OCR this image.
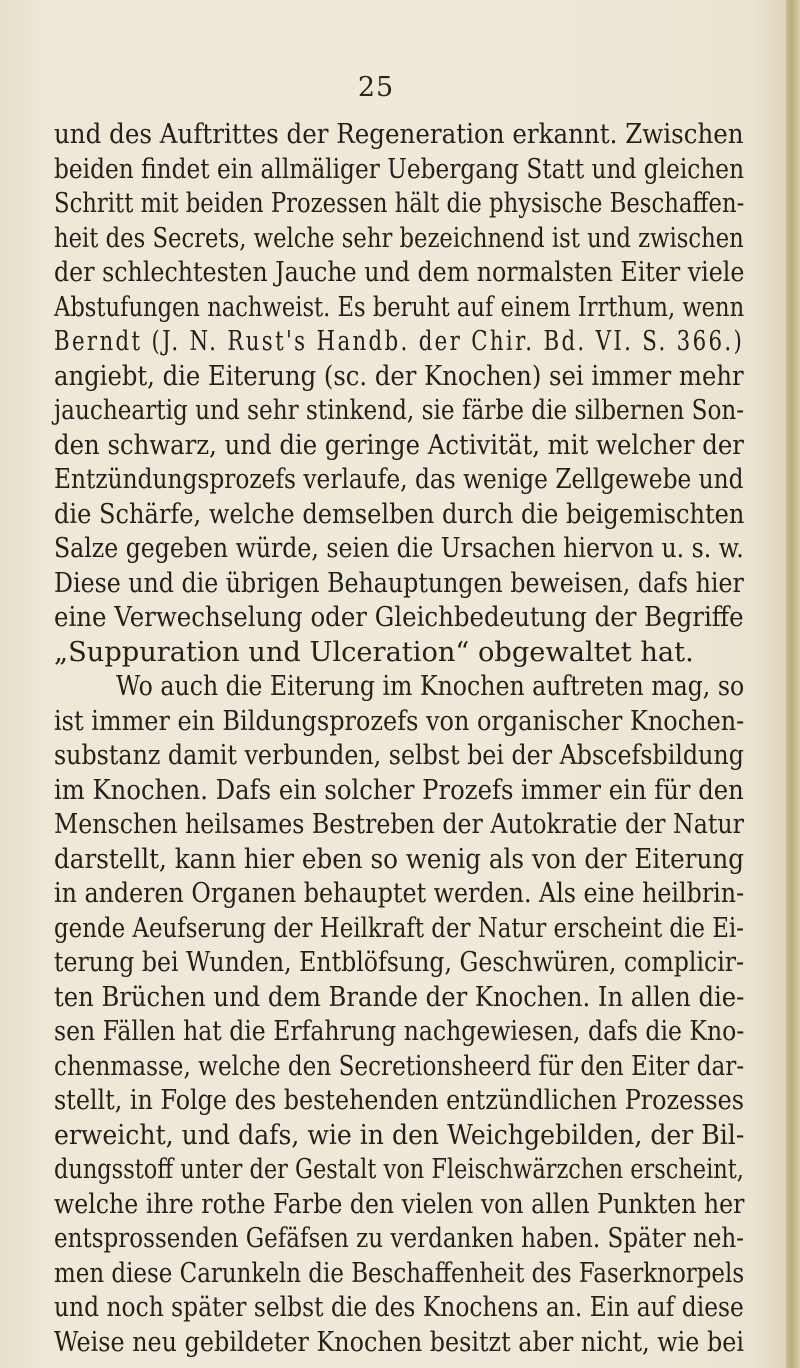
25
und des Auftrittes der Regeneration erkannt. Zwischen
beiden findet ein allmäliger Uebergang Statt und gleichen
Schritt mit beiden Prozessen hält die physische Beschaffen-
heit des Secrets, welche sehr bezeichnend ist und zwischen
der schlechtesten Jauche und dem normalsten Eiter viele
Abstufungen nachweist. Es beruht auf einem Irrthum, wenn
Berndt (J. N. Rust's Handb. der Chir. Bd. VI. S. 366.)
angiebt, die Eiterung (sc. der Knochen) sei immer mehr
jaucheartig und sehr stinkend, sie färbe die silbernen Son-
den schwarz, und die geringe Activität, mit welcher der
Entzündungsprozefs verlaufe, das wenige Zellgewebe und
die Schärfe, welche demselben durch die beigemischten
Salze gegeben würde, seien die Ursachen hiervon u. s. w.
Diese und die übrigen Behauptungen beweisen, dafs hier
eine Verwechselung oder Gleichbedeutung der Begriffe
„Suppuration und Ulceration“ obgewaltet hat.
Wo auch die Eiterung im Knochen auftreten mag, so
ist immer ein Bildungsprozefs von organischer Knochen-
substanz damit verbunden, selbst bei der Abscefsbildung
im Knochen. Dafs ein solcher Prozefs immer ein für den
Menschen heilsames Bestreben der Autokratie der Natur
darstellt, kann hier eben so wenig als von der Eiterung
in anderen Organen behauptet werden. Als eine heilbrin-
gende Aeufserung der Heilkraft der Natur erscheint die Ei-
terung bei Wunden, Entblöfsung, Geschwüren, complicir-
ten Brüchen und dem Brande der Knochen. In allen die-
sen Fällen hat die Erfahrung nachgewiesen, dafs die Kno-
chenmasse, welche den Secretionsheerd für den Eiter dar-
stellt, in Folge des bestehenden entzündlichen Prozesses
erweicht, und dafs, wie in den Weichgebilden, der Bil-
dungsstoff unter der Gestalt von Fleischwärzchen erscheint,
welche ihre rothe Farbe den vielen von allen Punkten her
entsprossenden Gefäfsen zu verdanken haben. Später neh-
men diese Carunkeln die Beschaffenheit des Faserknorpels
und noch später selbst die des Knochens an. Ein auf diese
Weise neu gebildeter Knochen besitzt aber nicht, wie bei
